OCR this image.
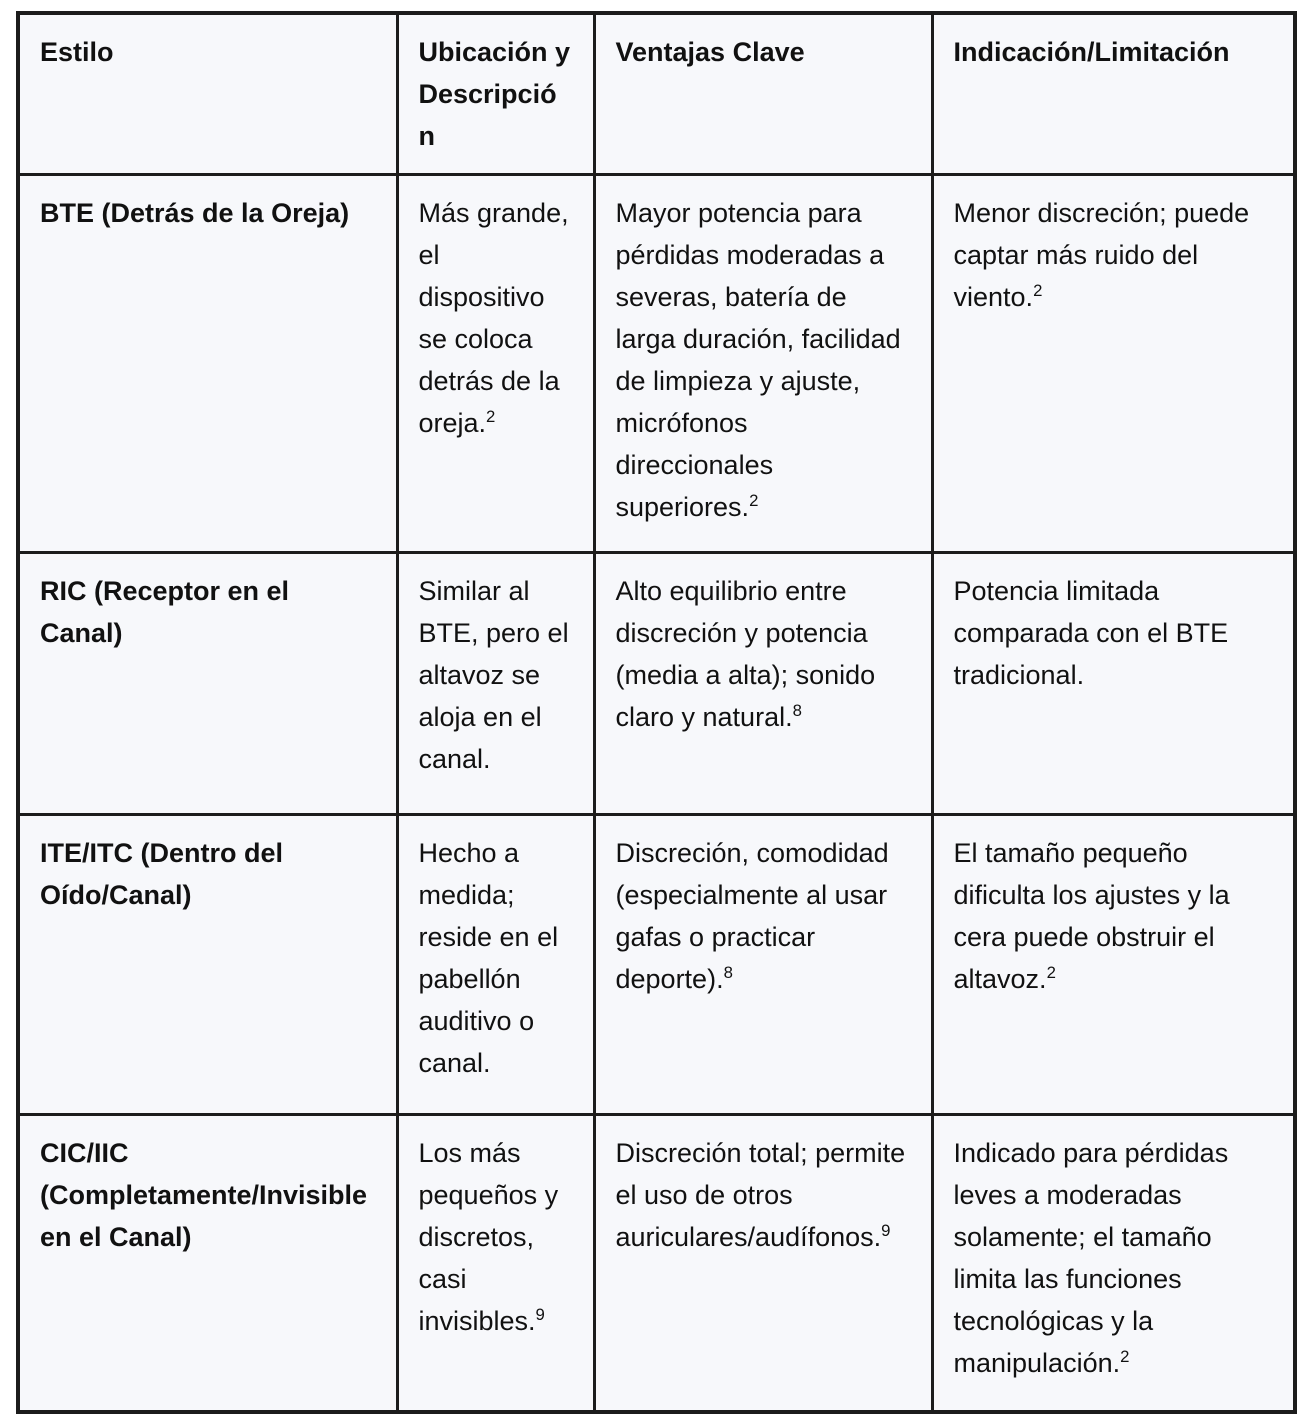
Estilo	Ubicación y Descripción	Ventajas Clave	Indicación/Limitación
BTE (Detrás de la Oreja)	Más grande, el dispositivo se coloca detrás de la oreja.$^2$	Mayor potencia para pérdidas moderadas a severas, batería de larga duración, facilidad de limpieza y ajuste, micrófonos direccionales superiores.$^2$	Menor discreción; puede captar más ruido del viento.$^2$
RIC (Receptor en el Canal)	Similar al BTE, pero el altavoz se aloja en el canal.	Alto equilibrio entre discreción y potencia (media a alta); sonido claro y natural.$^8$	Potencia limitada comparada con el BTE tradicional.
ITE/ITC (Dentro del Oído/Canal)	Hecho a medida; reside en el pabellón auditivo o canal.	Discreción, comodidad (especialmente al usar gafas o practicar deporte).$^8$	El tamaño pequeño dificulta los ajustes y la cera puede obstruir el altavoz.$^2$
CIC/IIC (Completamente/Invisible en el Canal)	Los más pequeños y discretos, casi invisibles.$^9$	Discreción total; permite el uso de otros auriculares/audífonos.$^9$	Indicado para pérdidas leves a moderadas solamente; el tamaño limita las funciones tecnológicas y la manipulación.$^2$
